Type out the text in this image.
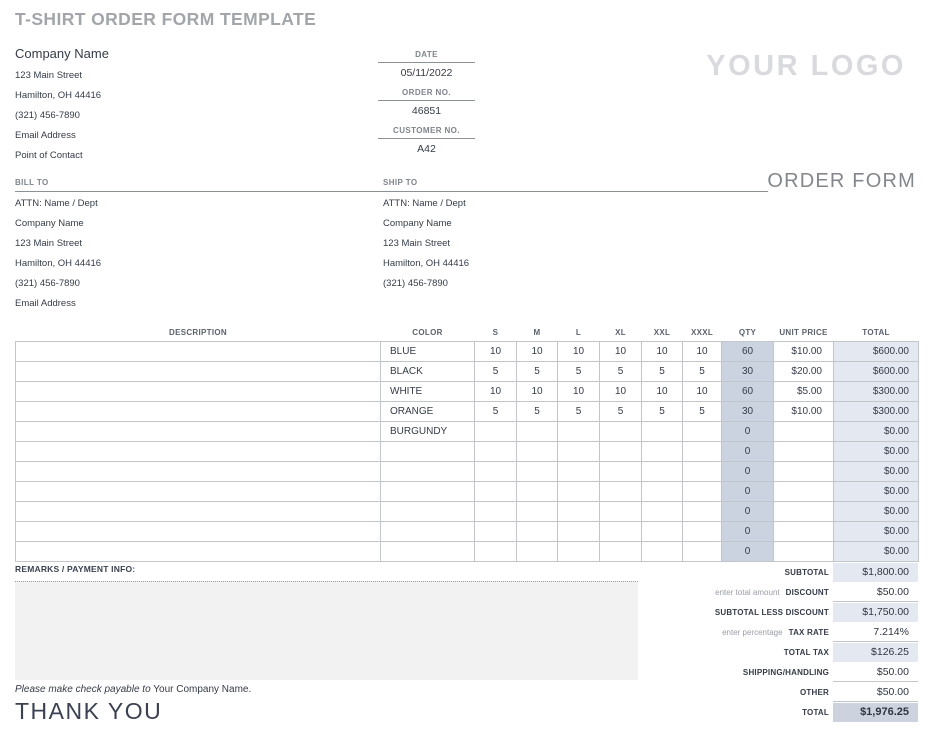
T-SHIRT ORDER FORM TEMPLATE
Company Name
123 Main Street
Hamilton, OH 44416
(321) 456-7890
Email Address
Point of Contact
DATE
05/11/2022
ORDER NO.
46851
CUSTOMER NO.
A42
YOUR LOGO
BILL TO	SHIP TO	ORDER FORM
ATTN: Name / Dept
Company Name
123 Main Street
Hamilton, OH 44416
(321) 456-7890
Email Address
ATTN: Name / Dept
Company Name
123 Main Street
Hamilton, OH 44416
(321) 456-7890
DESCRIPTION	COLOR	S	M	L	XL	XXL	XXXL	QTY	UNIT PRICE	TOTAL
	BLUE	10	10	10	10	10	10	60	$10.00	$600.00
	BLACK	5	5	5	5	5	5	30	$20.00	$600.00
	WHITE	10	10	10	10	10	10	60	$5.00	$300.00
	ORANGE	5	5	5	5	5	5	30	$10.00	$300.00
	BURGUNDY							0		$0.00
								0		$0.00
								0		$0.00
								0		$0.00
								0		$0.00
								0		$0.00
								0		$0.00
SUBTOTAL	$1,800.00
enter total amount DISCOUNT	$50.00
SUBTOTAL LESS DISCOUNT	$1,750.00
enter percentage TAX RATE	7.214%
TOTAL TAX	$126.25
SHIPPING/HANDLING	$50.00
OTHER	$50.00
TOTAL	$1,976.25
REMARKS / PAYMENT INFO:
Please make check payable to Your Company Name.
THANK YOU
